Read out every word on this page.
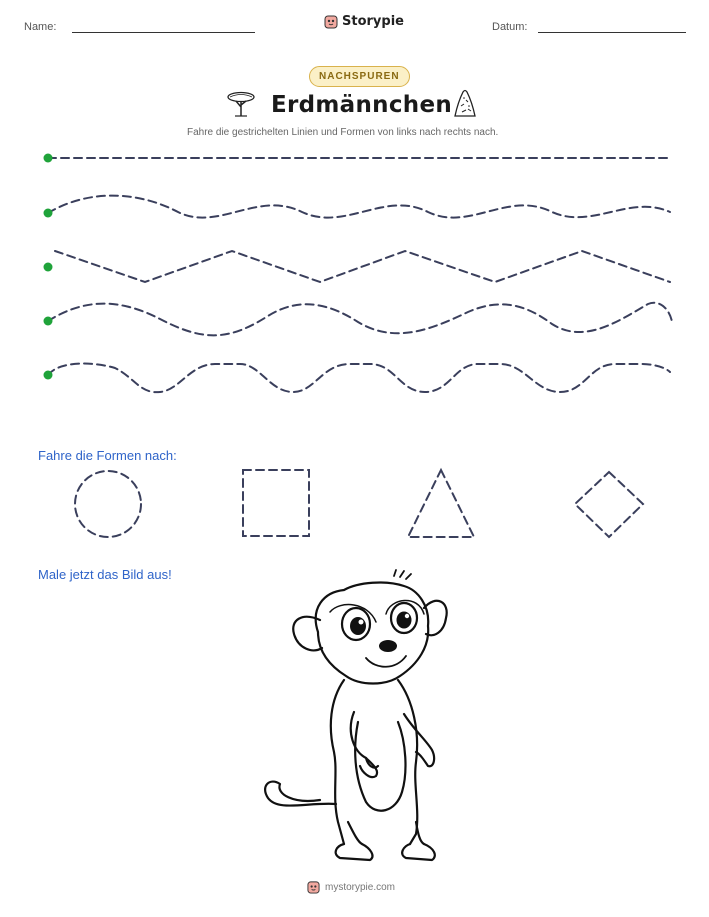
Name:	Storypie	Datum:
NACHSPUREN
Erdmännchen
Fahre die gestrichelten Linien und Formen von links nach rechts nach.
Fahre die Formen nach:
Male jetzt das Bild aus!
mystorypie.com
